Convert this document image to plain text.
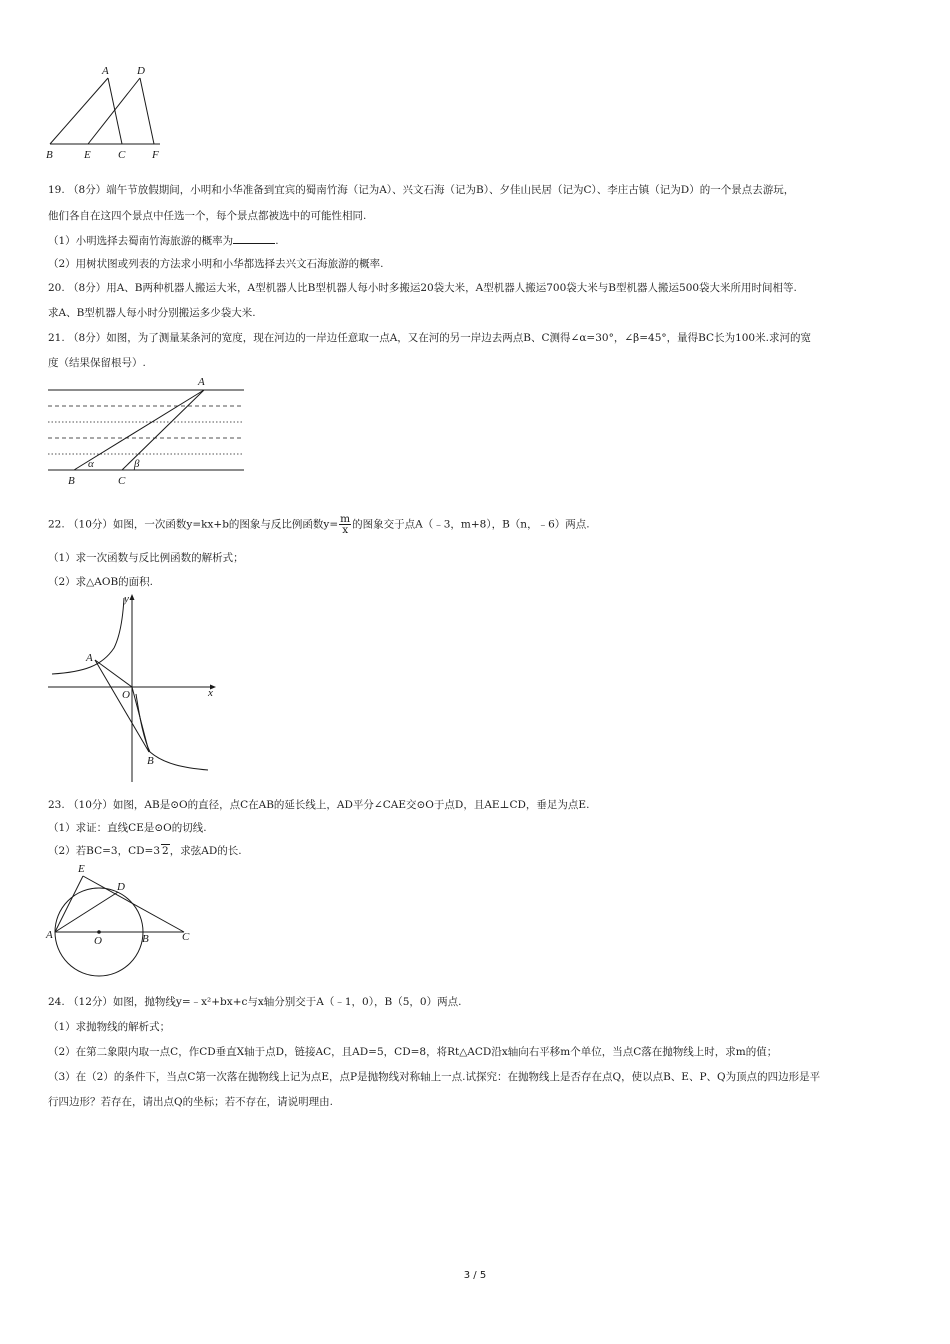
A	D
B	E C F
19. （8分）端午节放假期间，小明和小华准备到宜宾的蜀南竹海（记为A）、兴文石海（记为B）、夕佳山民居（记为C）、李庄古镇（记为D）的一个景点去游玩，
他们各自在这四个景点中任选一个，每个景点都被选中的可能性相同.
（1）小明选择去蜀南竹海旅游的概率为	.
（2）用树状图或列表的方法求小明和小华都选择去兴文石海旅游的概率.
20. （8分）用A、B两种机器人搬运大米，A型机器人比B型机器人每小时多搬运20袋大米，A型机器人搬运700袋大米与B型机器人搬运500袋大米所用时间相等.
求A、B型机器人每小时分别搬运多少袋大米.
21. （8分）如图，为了测量某条河的宽度，现在河边的一岸边任意取一点A，又在河的另一岸边去两点B、C测得∠α=30°，∠β=45°，量得BC长为100米.求河的宽
度（结果保留根号）.
A
α	β
B	C
22. （10分）如图，一次函数y=kx+b的图象与反比例函数$y= \frac{m}{x}$ 的图象交于点A（﹣3，m+8），B（n，﹣6）两点.
（1）求一次函数与反比例函数的解析式；
（2）求△AOB的面积.
y
A
O	x
B
23. （10分）如图，AB是⊙O的直径，点C在AB的延长线上，AD平分∠CAE交⊙O于点D，且AE⊥CD，垂足为点E.
（1）求证：直线CE是⊙O的切线.
（2）若BC=3，CD=3 2，求弦AD的长.
E
D
A	O	B	C
24. （12分）如图，抛物线y=﹣x²+bx+c与x轴分别交于A（﹣1，0），B（5，0）两点.
（1）求抛物线的解析式；
（2）在第二象限内取一点C，作CD垂直X轴于点D，链接AC，且AD=5，CD=8，将Rt△ACD沿x轴向右平移m个单位，当点C落在抛物线上时，求m的值；
（3）在（2）的条件下，当点C第一次落在抛物线上记为点E，点P是抛物线对称轴上一点.试探究：在抛物线上是否存在点Q，使以点B、E、P、Q为顶点的四边形是平
行四边形？若存在，请出点Q的坐标；若不存在，请说明理由.
3 / 5
